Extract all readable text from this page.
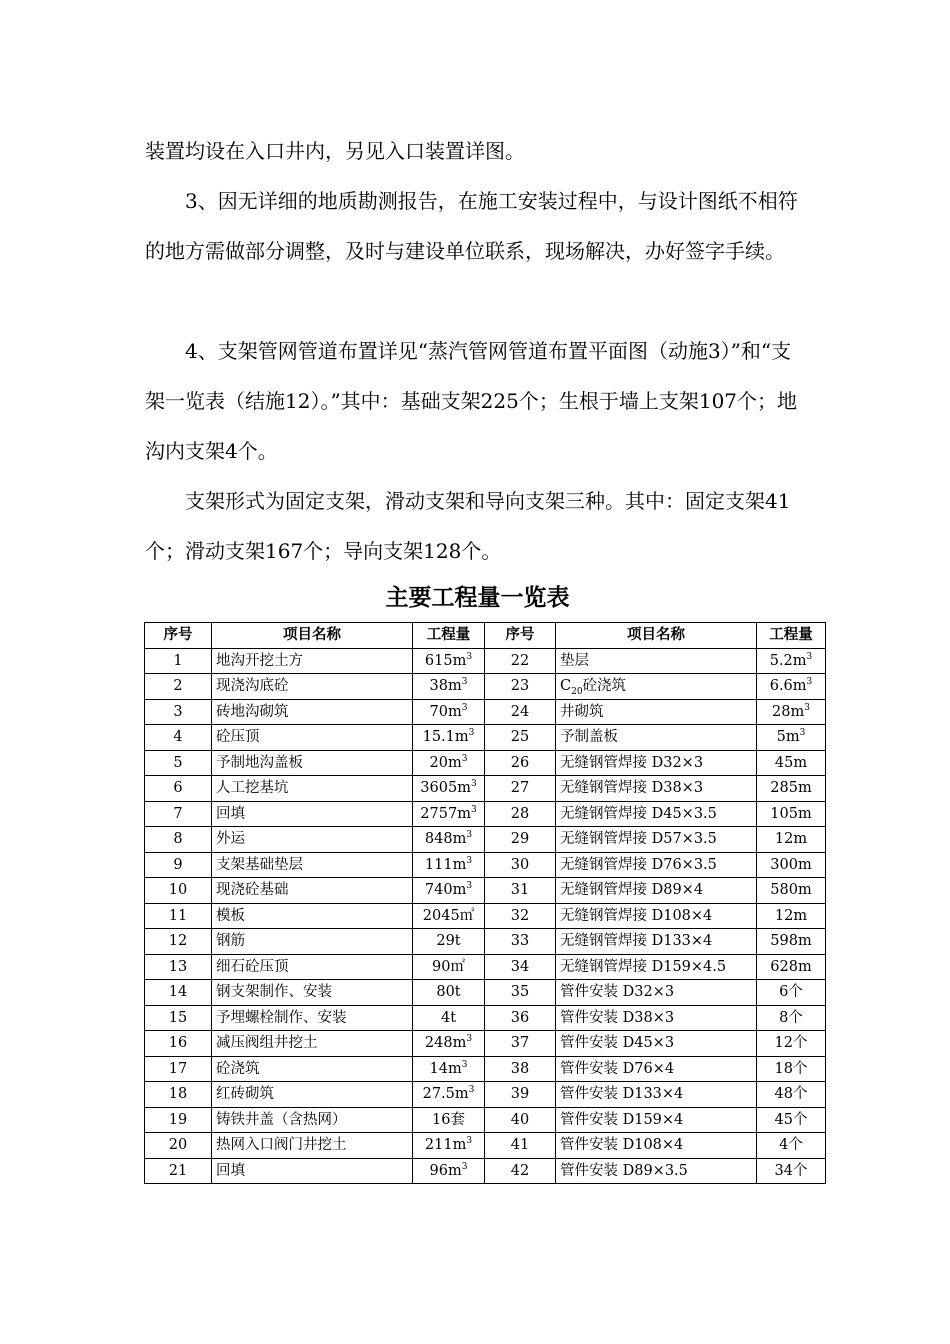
装置均设在入口井内，另见入口装置详图。

3、因无详细的地质勘测报告，在施工安装过程中，与设计图纸不相符的地方需做部分调整，及时与建设单位联系，现场解决，办好签字手续。

4、支架管网管道布置详见“蒸汽管网管道布置平面图（动施3）”和“支架一览表（结施12）。”其中：基础支架225个；生根于墙上支架107个；地沟内支架4个。

支架形式为固定支架，滑动支架和导向支架三种。其中：固定支架41个；滑动支架167个；导向支架128个。

主要工程量一览表
序号	项目名称	工程量	序号	项目名称	工程量
1	地沟开挖土方	$615m^3$	22	垫层	$5.2m^3$
2	现浇沟底砼	$38m^3$	23	$C_{20}$砼浇筑	$6.6m^3$
3	砖地沟砌筑	$70m^3$	24	井砌筑	$28m^3$
4	砼压顶	$15.1m^3$	25	予制盖板	$5m^3$
5	予制地沟盖板	$20m^3$	26	无缝钢管焊接 D32×3	45m
6	人工挖基坑	$3605m^3$	27	无缝钢管焊接 D38×3	285m
7	回填	$2757m^3$	28	无缝钢管焊接 D45×3.5	105m
8	外运	$848m^3$	29	无缝钢管焊接 D57×3.5	12m
9	支架基础垫层	$111m^3$	30	无缝钢管焊接 D76×3.5	300m
10	现浇砼基础	$740m^3$	31	无缝钢管焊接 D89×4	580m
11	模板	2045㎡	32	无缝钢管焊接 D108×4	12m
12	钢筋	29t	33	无缝钢管焊接 D133×4	598m
13	细石砼压顶	90㎡	34	无缝钢管焊接 D159×4.5	628m
14	钢支架制作、安装	80t	35	管件安装 D32×3	6个
15	予埋螺栓制作、安装	4t	36	管件安装 D38×3	8个
16	减压阀组井挖土	$248m^3$	37	管件安装 D45×3	12个
17	砼浇筑	$14m^3$	38	管件安装 D76×4	18个
18	红砖砌筑	$27.5m^3$	39	管件安装 D133×4	48个
19	铸铁井盖（含热网）	16套	40	管件安装 D159×4	45个
20	热网入口阀门井挖土	$211m^3$	41	管件安装 D108×4	4个
21	回填	$96m^3$	42	管件安装 D89×3.5	34个
